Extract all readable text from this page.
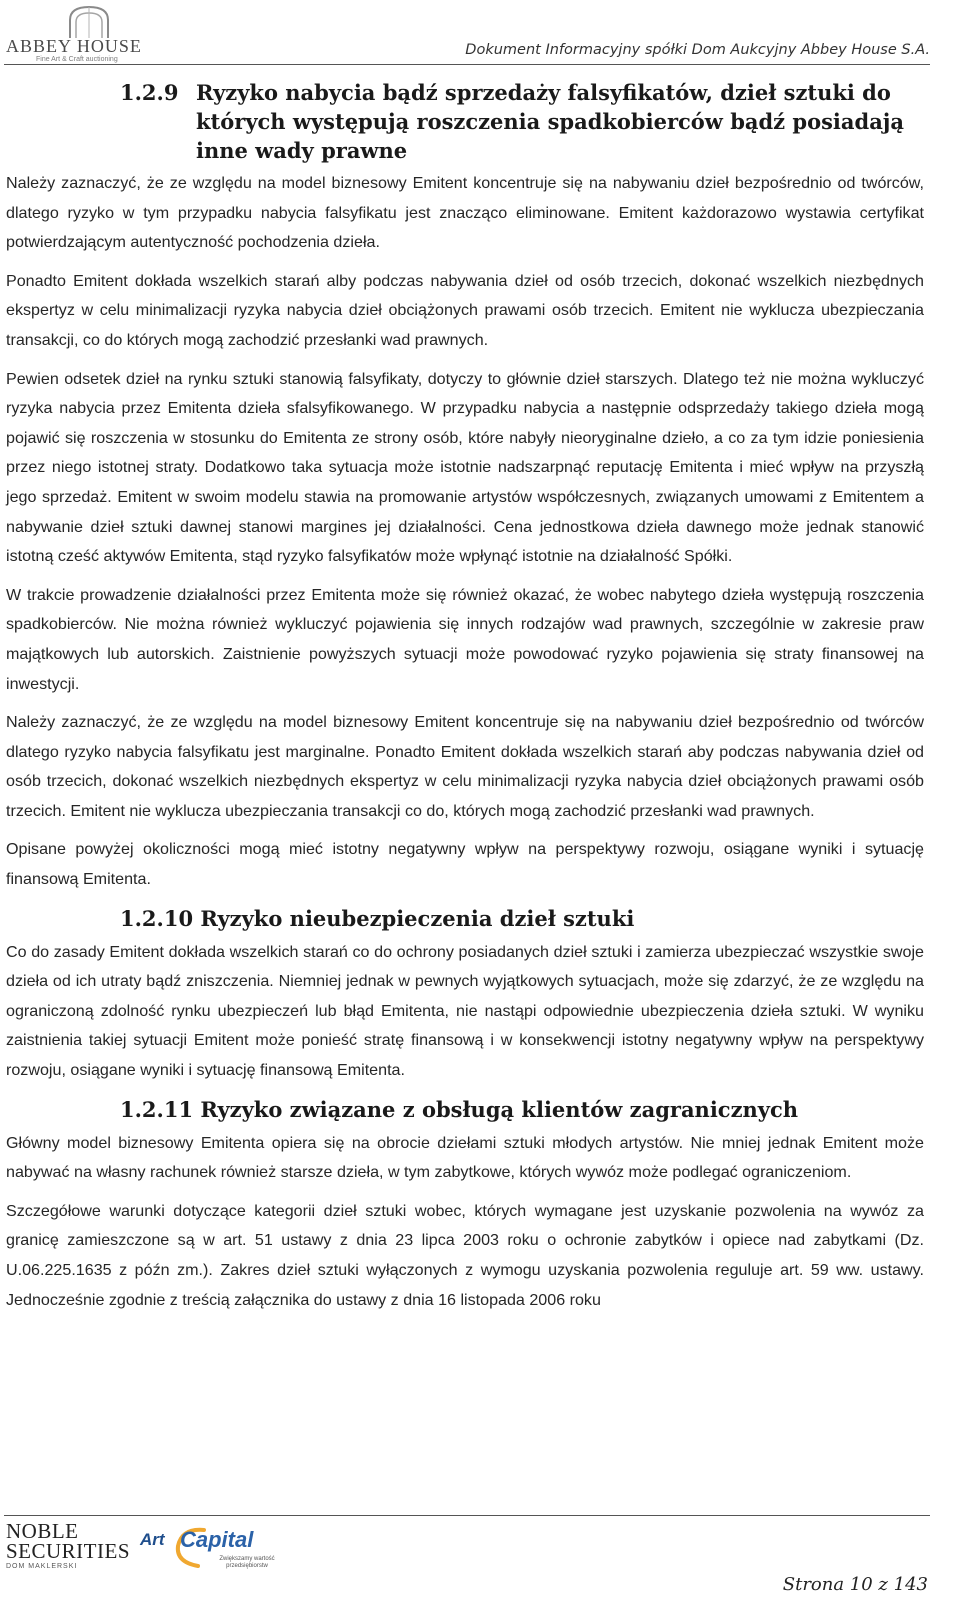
ABBEY HOUSE
Fine Art & Craft auctioning
Dokument Informacyjny spółki Dom Aukcyjny Abbey House S.A.
1.2.9 Ryzyko nabycia bądź sprzedaży falsyfikatów, dzieł sztuki do których występują roszczenia spadkobierców bądź posiadają inne wady prawne

Należy zaznaczyć, że ze względu na model biznesowy Emitent koncentruje się na nabywaniu dzieł bezpośrednio od twórców, dlatego ryzyko w tym przypadku nabycia falsyfikatu jest znacząco eliminowane. Emitent każdorazowo wystawia certyfikat potwierdzającym autentyczność pochodzenia dzieła.

Ponadto Emitent dokłada wszelkich starań alby podczas nabywania dzieł od osób trzecich, dokonać wszelkich niezbędnych ekspertyz w celu minimalizacji ryzyka nabycia dzieł obciążonych prawami osób trzecich. Emitent nie wyklucza ubezpieczania transakcji, co do których mogą zachodzić przesłanki wad prawnych.

Pewien odsetek dzieł na rynku sztuki stanowią falsyfikaty, dotyczy to głównie dzieł starszych. Dlatego też nie można wykluczyć ryzyka nabycia przez Emitenta dzieła sfalsyfikowanego. W przypadku nabycia a następnie odsprzedaży takiego dzieła mogą pojawić się roszczenia w stosunku do Emitenta ze strony osób, które nabyły nieoryginalne dzieło, a co za tym idzie poniesienia przez niego istotnej straty. Dodatkowo taka sytuacja może istotnie nadszarpnąć reputację Emitenta i mieć wpływ na przyszłą jego sprzedaż. Emitent w swoim modelu stawia na promowanie artystów współczesnych, związanych umowami z Emitentem a nabywanie dzieł sztuki dawnej stanowi margines jej działalności. Cena jednostkowa dzieła dawnego może jednak stanowić istotną cześć aktywów Emitenta, stąd ryzyko falsyfikatów może wpłynąć istotnie na działalność Spółki.

W trakcie prowadzenie działalności przez Emitenta może się również okazać, że wobec nabytego dzieła występują roszczenia spadkobierców. Nie można również wykluczyć pojawienia się innych rodzajów wad prawnych, szczególnie w zakresie praw majątkowych lub autorskich. Zaistnienie powyższych sytuacji może powodować ryzyko pojawienia się straty finansowej na inwestycji.

Należy zaznaczyć, że ze względu na model biznesowy Emitent koncentruje się na nabywaniu dzieł bezpośrednio od twórców dlatego ryzyko nabycia falsyfikatu jest marginalne. Ponadto Emitent dokłada wszelkich starań aby podczas nabywania dzieł od osób trzecich, dokonać wszelkich niezbędnych ekspertyz w celu minimalizacji ryzyka nabycia dzieł obciążonych prawami osób trzecich. Emitent nie wyklucza ubezpieczania transakcji co do, których mogą zachodzić przesłanki wad prawnych.

Opisane powyżej okoliczności mogą mieć istotny negatywny wpływ na perspektywy rozwoju, osiągane wyniki i sytuację finansową Emitenta.

1.2.10 Ryzyko nieubezpieczenia dzieł sztuki

Co do zasady Emitent dokłada wszelkich starań co do ochrony posiadanych dzieł sztuki i zamierza ubezpieczać wszystkie swoje dzieła od ich utraty bądź zniszczenia. Niemniej jednak w pewnych wyjątkowych sytuacjach, może się zdarzyć, że ze względu na ograniczoną zdolność rynku ubezpieczeń lub błąd Emitenta, nie nastąpi odpowiednie ubezpieczenia dzieła sztuki. W wyniku zaistnienia takiej sytuacji Emitent może ponieść stratę finansową i w konsekwencji istotny negatywny wpływ na perspektywy rozwoju, osiągane wyniki i sytuację finansową Emitenta.

1.2.11 Ryzyko związane z obsługą klientów zagranicznych

Główny model biznesowy Emitenta opiera się na obrocie dziełami sztuki młodych artystów. Nie mniej jednak Emitent może nabywać na własny rachunek również starsze dzieła, w tym zabytkowe, których wywóz może podlegać ograniczeniom.

Szczegółowe warunki dotyczące kategorii dzieł sztuki wobec, których wymagane jest uzyskanie pozwolenia na wywóz za granicę zamieszczone są w art. 51 ustawy z dnia 23 lipca 2003 roku o ochronie zabytków i opiece nad zabytkami (Dz. U.06.225.1635 z późn zm.). Zakres dzieł sztuki wyłączonych z wymogu uzyskania pozwolenia reguluje art. 59 ww. ustawy. Jednocześnie zgodnie z treścią załącznika do ustawy z dnia 16 listopada 2006 roku

NOBLE
SECURITIES
DOM MAKLERSKI
Art Capital
Zwiększamy wartość przedsiębiorstw
Strona 10 z 143
